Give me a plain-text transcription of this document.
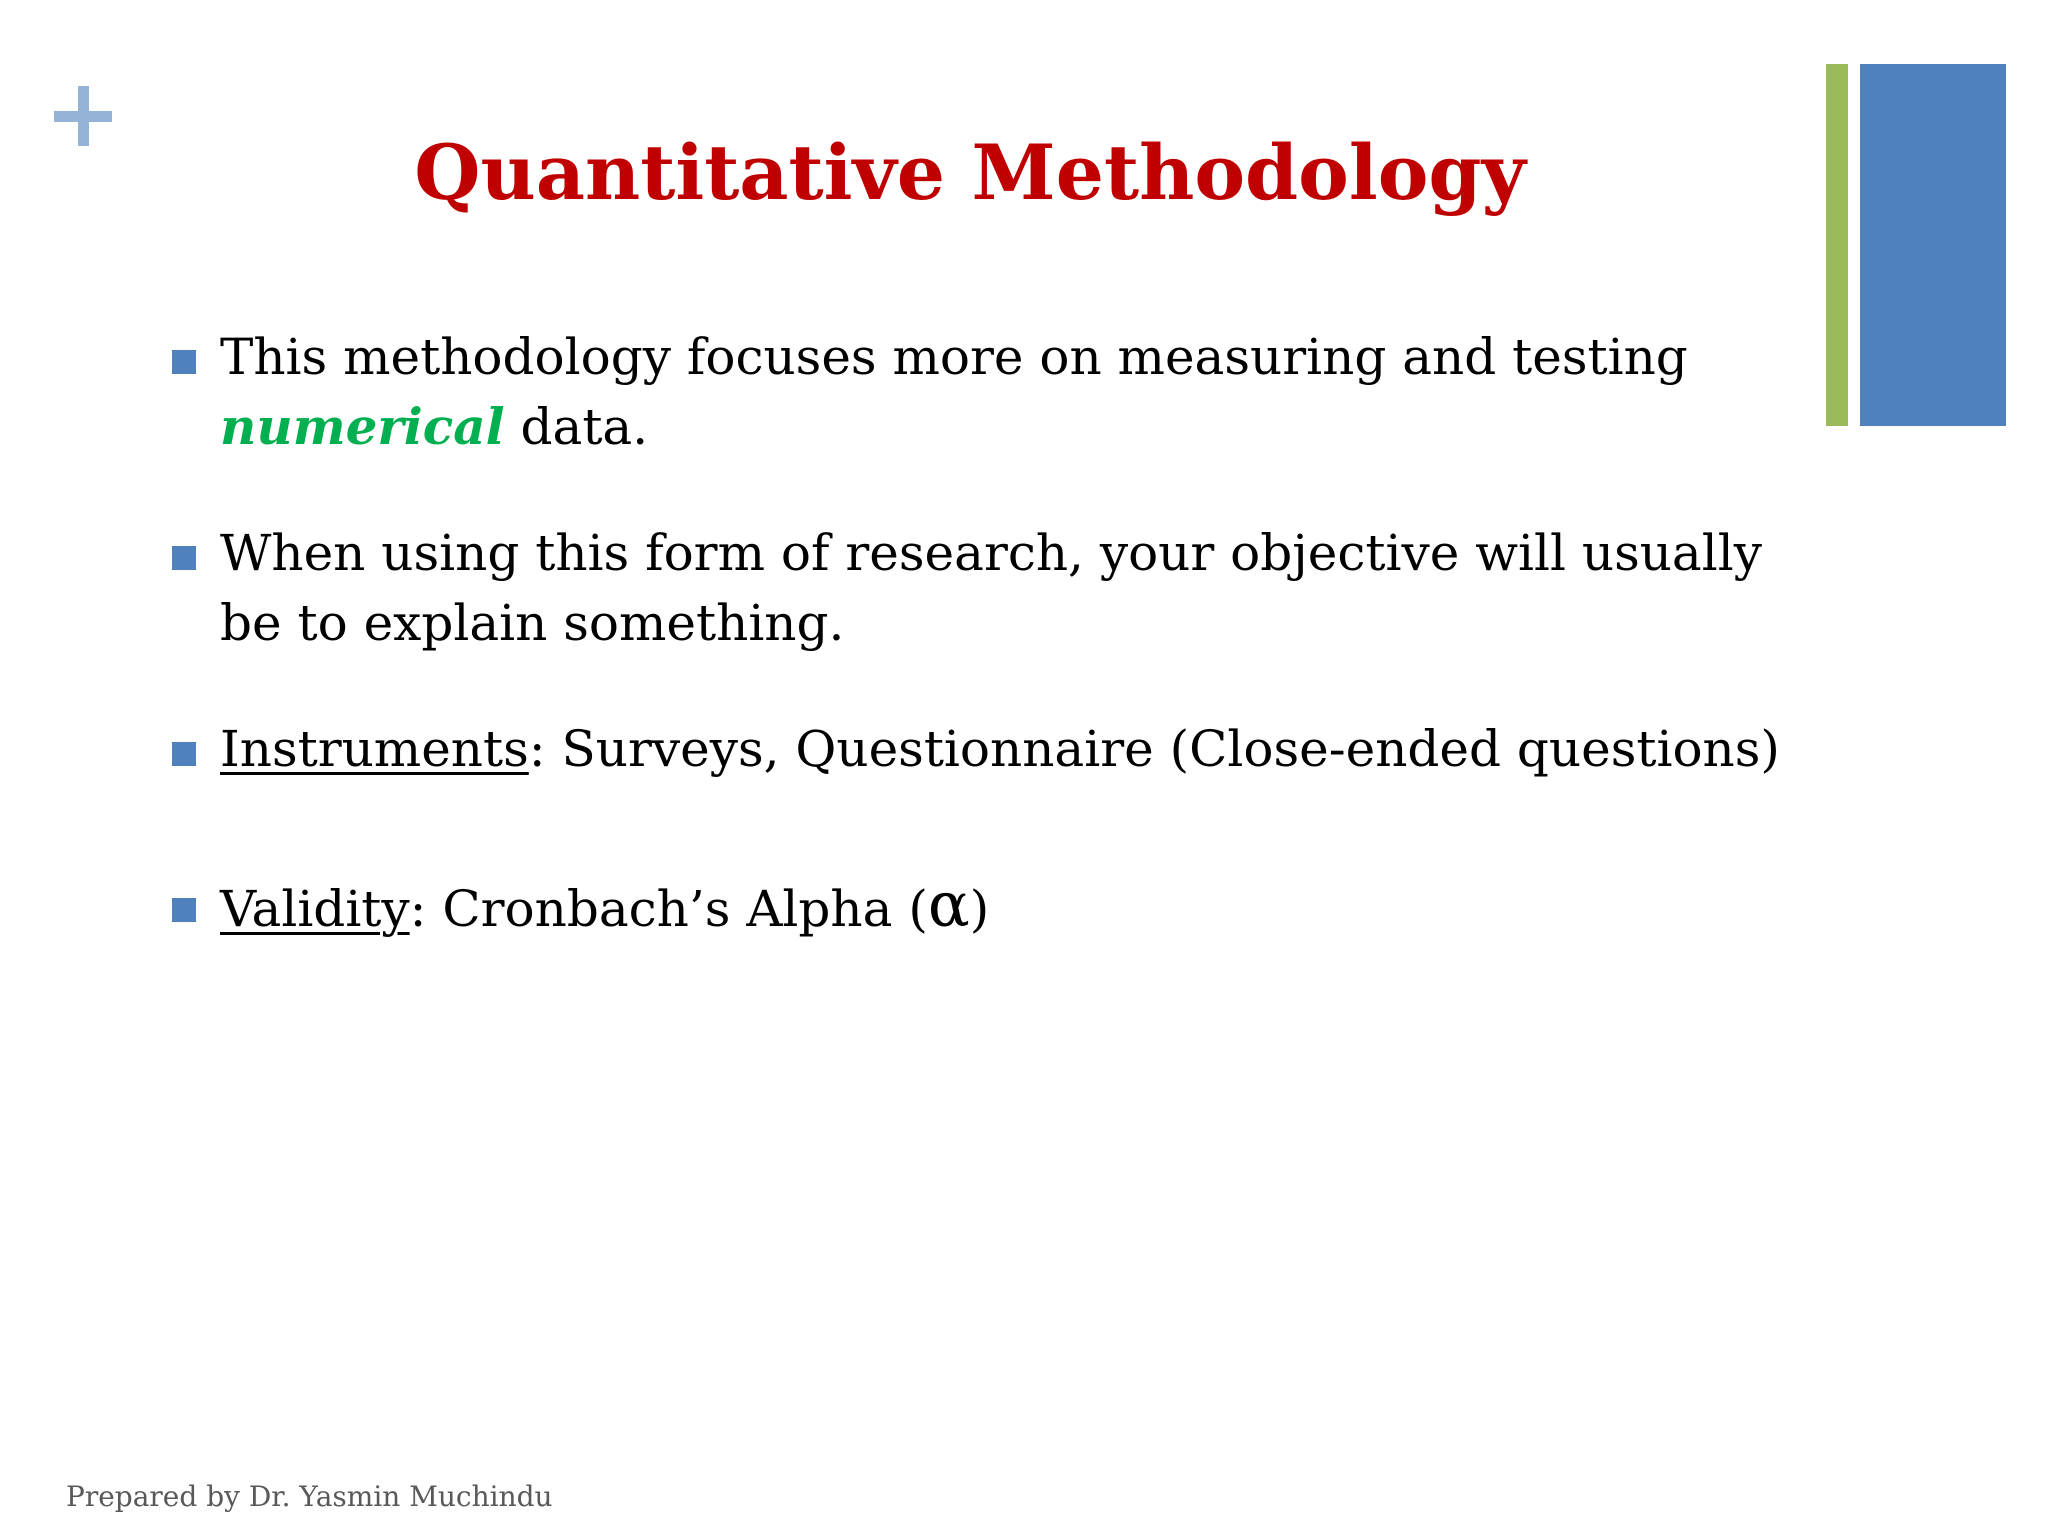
Quantitative Methodology
This methodology focuses more on measuring and testing numerical data.
When using this form of research, your objective will usually be to explain something.
Instruments: Surveys, Questionnaire (Close-ended questions)
Validity: Cronbach’s Alpha (α)
Prepared by Dr. Yasmin Muchindu
